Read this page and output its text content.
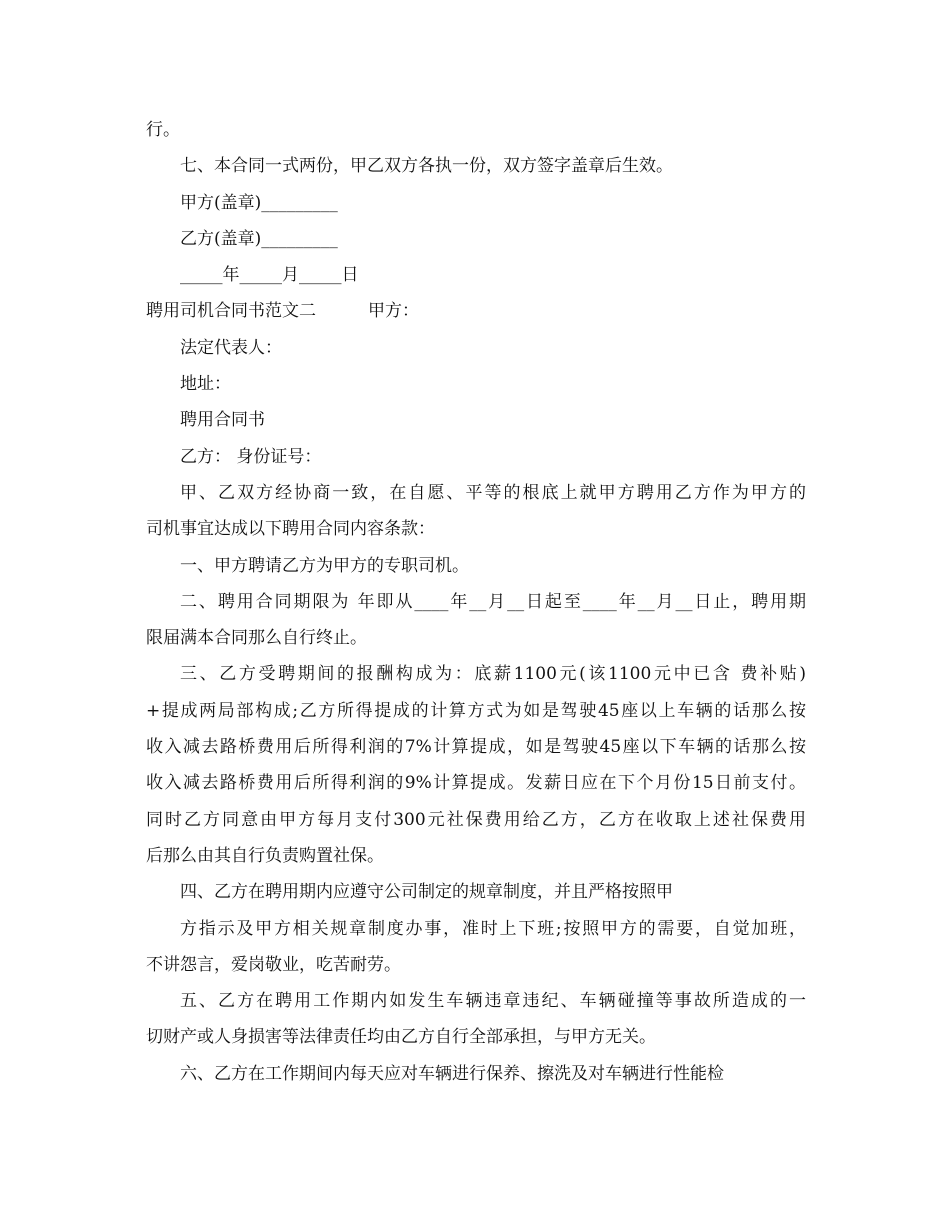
行。
七、本合同一式两份，甲乙双方各执一份，双方签字盖章后生效。
甲方(盖章)_________
乙方(盖章)_________
_____年_____月_____日
聘用司机合同书范文二	甲方：
法定代表人：
地址：
聘用合同书
乙方： 身份证号：
甲、乙双方经协商一致，在自愿、平等的根底上就甲方聘用乙方作为甲方的
司机事宜达成以下聘用合同内容条款：
一、甲方聘请乙方为甲方的专职司机。
二、聘用合同期限为 年即从____年__月__日起至____年__月__日止，聘用期
限届满本合同那么自行终止。
三、乙方受聘期间的报酬构成为：底薪1100元(该1100元中已含 费补贴)
+提成两局部构成;乙方所得提成的计算方式为如是驾驶45座以上车辆的话那么按
收入减去路桥费用后所得利润的7%计算提成，如是驾驶45座以下车辆的话那么按
收入减去路桥费用后所得利润的9%计算提成。发薪日应在下个月份15日前支付。
同时乙方同意由甲方每月支付300元社保费用给乙方，乙方在收取上述社保费用
后那么由其自行负责购置社保。
四、乙方在聘用期内应遵守公司制定的规章制度，并且严格按照甲
方指示及甲方相关规章制度办事，准时上下班;按照甲方的需要，自觉加班，
不讲怨言，爱岗敬业，吃苦耐劳。
五、乙方在聘用工作期内如发生车辆违章违纪、车辆碰撞等事故所造成的一
切财产或人身损害等法律责任均由乙方自行全部承担，与甲方无关。
六、乙方在工作期间内每天应对车辆进行保养、擦洗及对车辆进行性能检
